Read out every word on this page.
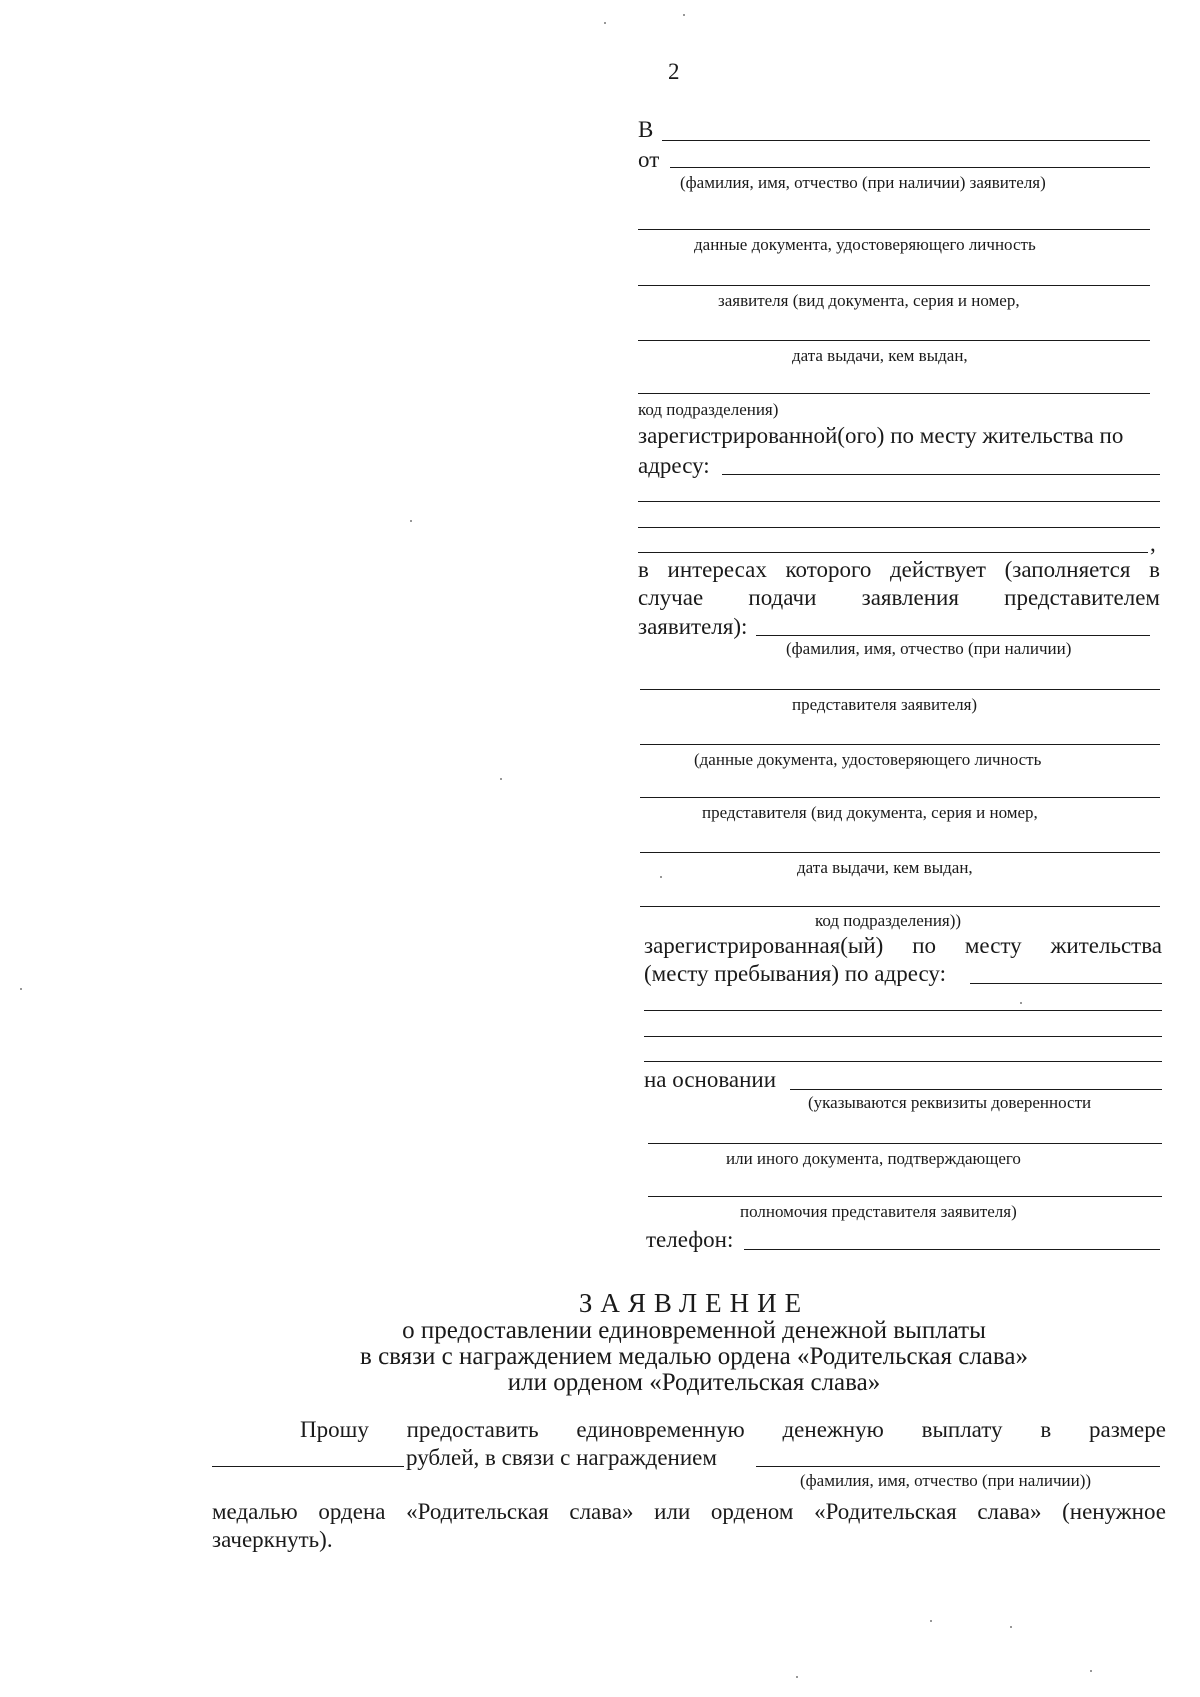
2
В
от
(фамилия, имя, отчество (при наличии) заявителя)
данные документа, удостоверяющего личность
заявителя (вид документа, серия и номер,
дата выдачи, кем выдан,
код подразделения)
зарегистрированной(ого) по месту жительства по
адресу:
,
в интересах которого действует (заполняется в
случае подачи заявления представителем
заявителя):
(фамилия, имя, отчество (при наличии)
представителя заявителя)
(данные документа, удостоверяющего личность
представителя (вид документа, серия и номер,
дата выдачи, кем выдан,
код подразделения))
зарегистрированная(ый) по месту жительства
(месту пребывания) по адресу:
на основании
(указываются реквизиты доверенности
или иного документа, подтверждающего
полномочия представителя заявителя)
телефон:
ЗАЯВЛЕНИЕ
о предоставлении единовременной денежной выплаты
в связи с награждением медалью ордена «Родительская слава»
или орденом «Родительская слава»
Прошу предоставить единовременную денежную выплату в размере
рублей, в связи с награждением
(фамилия, имя, отчество (при наличии))
медалью ордена «Родительская слава» или орденом «Родительская слава» (ненужное
зачеркнуть).
